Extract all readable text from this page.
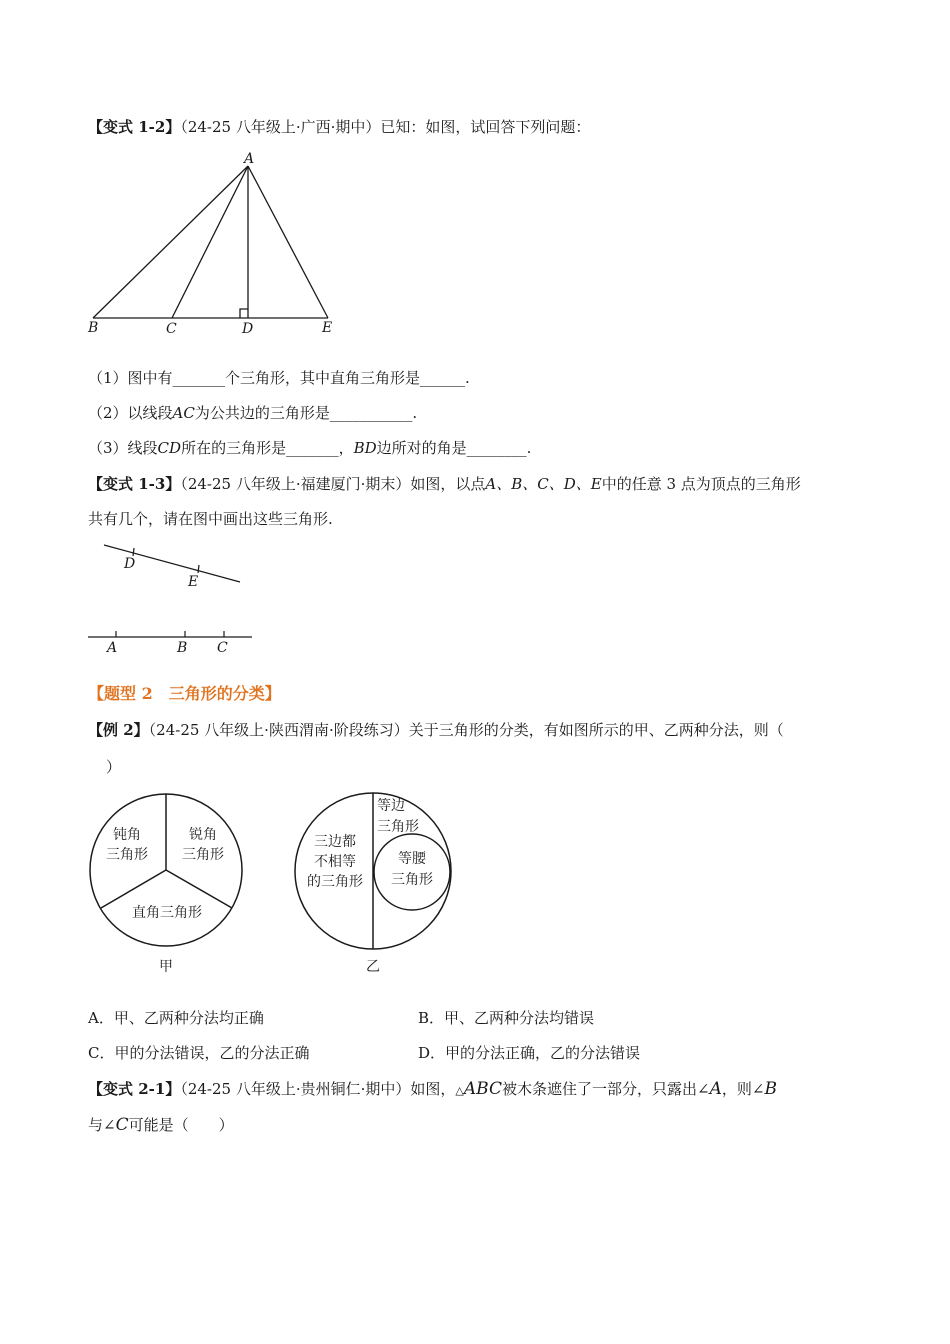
【变式 1-2】（24-25 八年级上·广西·期中）已知：如图，试回答下列问题：
A
B	C	D	E
D
E
A	B C
钝角
三角形
锐角
三角形
直角三角形
甲
三边都
不相等
的三角形
等边
三角形
等腰
三角形
乙
（1）图中有_______个三角形，其中直角三角形是______.
（2）以线段AC为公共边的三角形是___________.
（3）线段CD所在的三角形是_______，BD边所对的角是________.
【变式 1-3】（24-25 八年级上·福建厦门·期末）如图，以点A、B、C、D、E中的任意 3 点为顶点的三角形
共有几个，请在图中画出这些三角形.
【题型 2　三角形的分类】
【例 2】（24-25 八年级上·陕西渭南·阶段练习）关于三角形的分类，有如图所示的甲、乙两种分法，则（
）
A．甲、乙两种分法均正确	B．甲、乙两种分法均错误
C．甲的分法错误，乙的分法正确	D．甲的分法正确，乙的分法错误
【变式 2-1】（24-25 八年级上·贵州铜仁·期中）如图，△ABC被木条遮住了一部分，只露出∠A，则∠B
与∠C可能是（　　）
